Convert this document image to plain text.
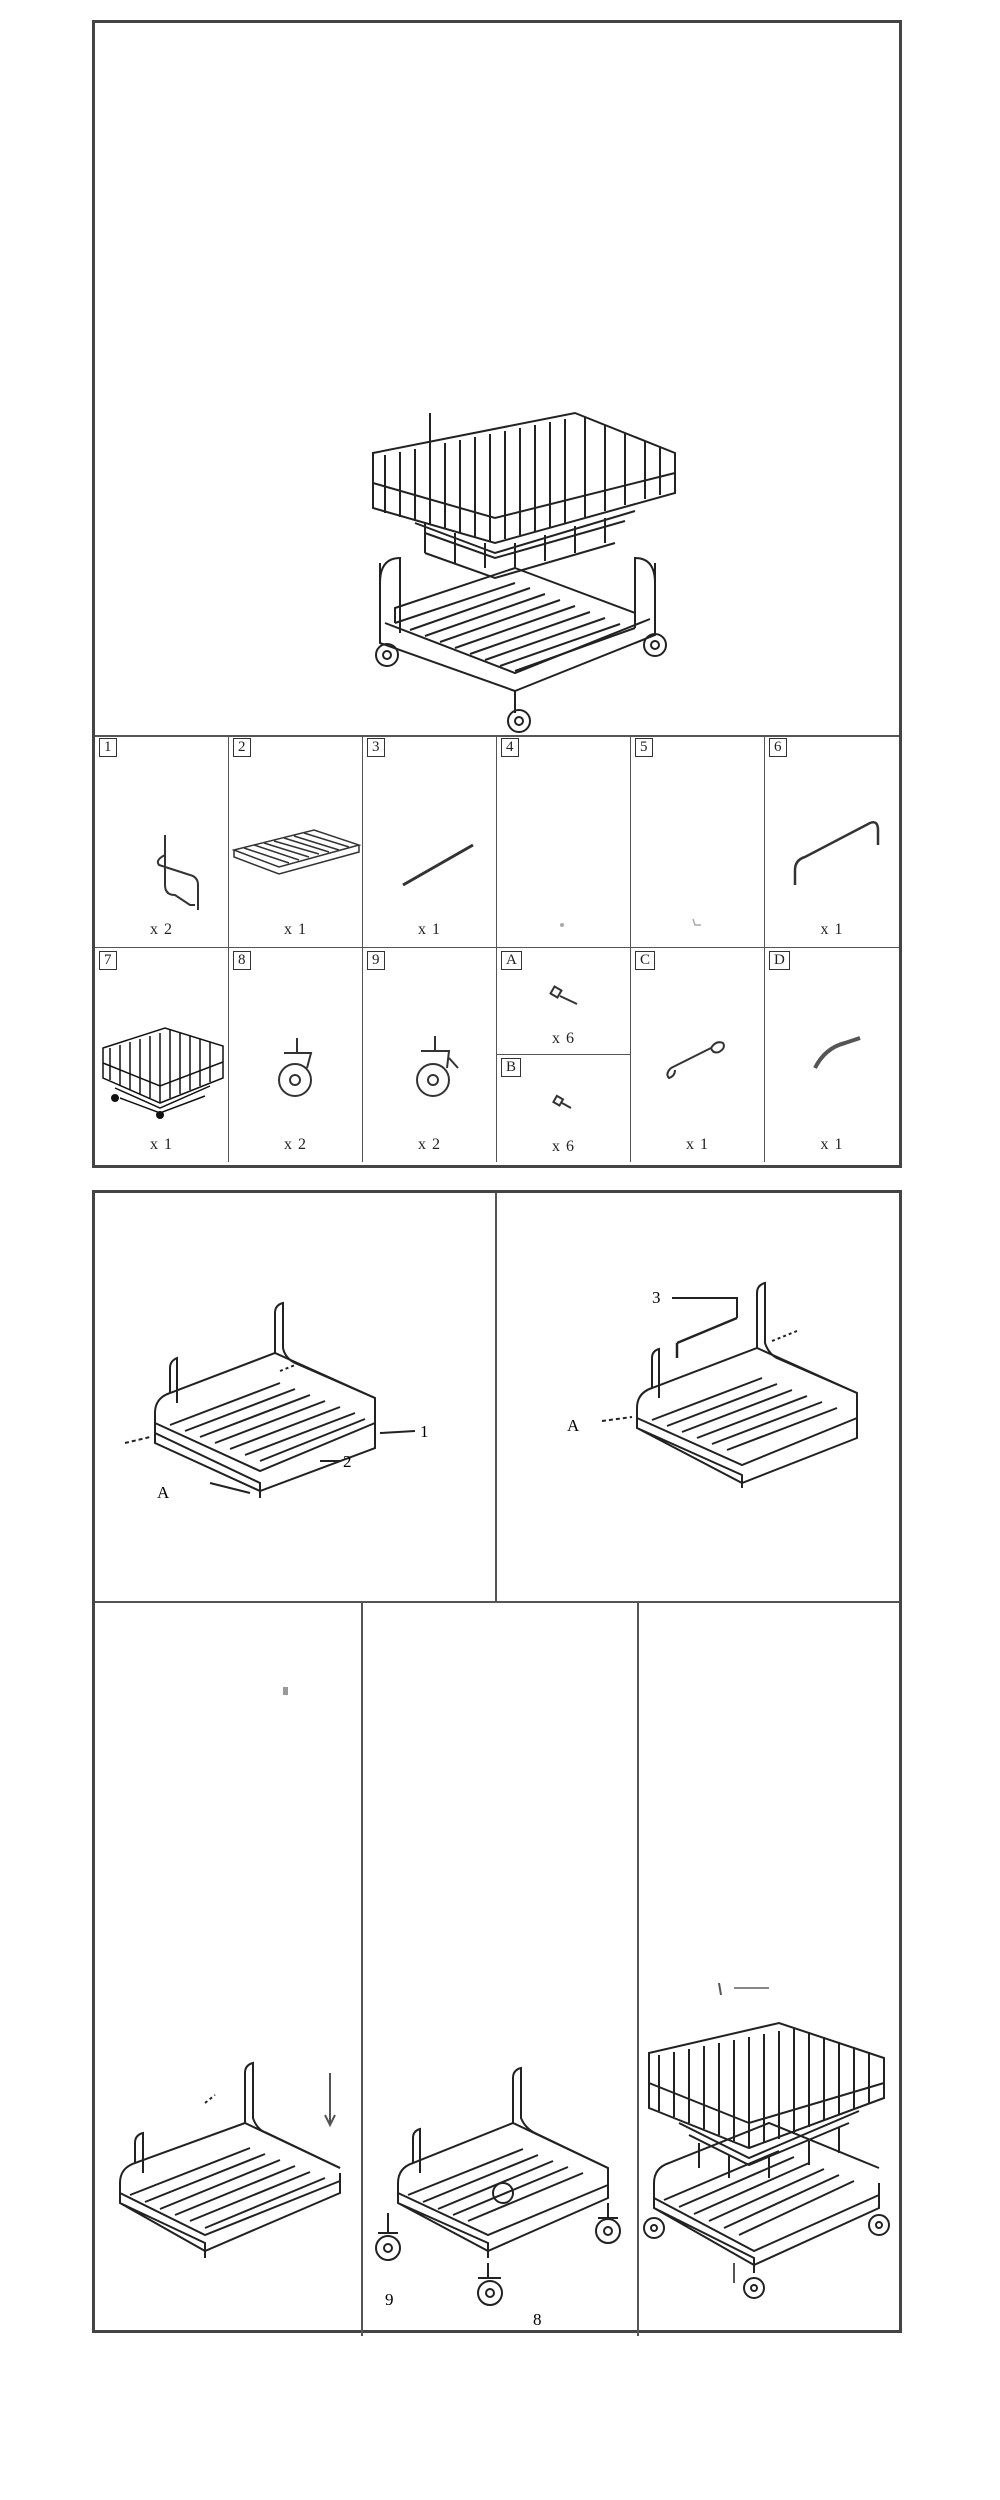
1
x 2
2
x 1
3
x 1
4	5	6
x 1
7
x 1
8
x 2
9
x 2
A
x 6
B
x 6
C
x 1
D
x 1
1
2
A
3
A
9
8
